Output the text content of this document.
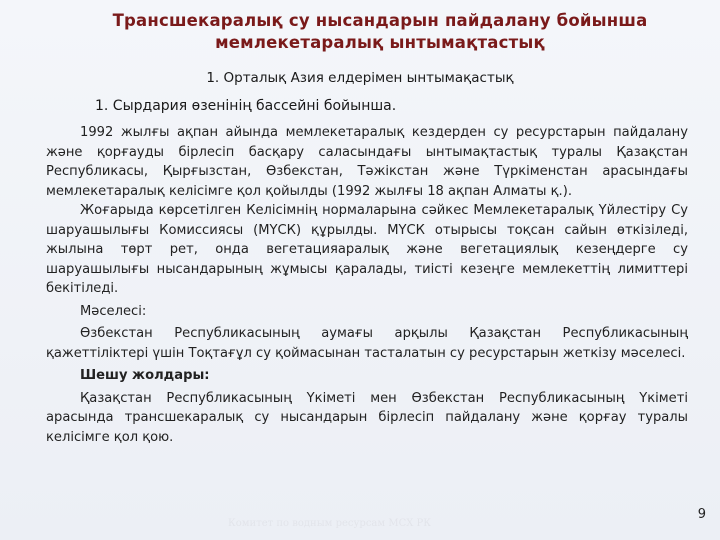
Трансшекаралық су нысандарын пайдалану бойынша
мемлекетаралық ынтымақтастық
1. Орталық Азия елдерімен ынтымақастық
1. Сырдария өзенінің бассейні бойынша.

1992 жылғы ақпан айында мемлекетаралық кездерден су ресурстарын пайдалану және қорғауды бірлесіп басқару саласындағы ынтымақтастық туралы Қазақстан Республикасы, Қырғызстан, Өзбекстан, Тәжікстан және Түркіменстан арасындағы мемлекетаралық келісімге қол қойылды (1992 жылғы 18 ақпан Алматы қ.).

Жоғарыда көрсетілген Келісімнің нормаларына сәйкес Мемлекетаралық Үйлестіру Су шаруашылығы Комиссиясы (МҮСК) құрылды. МҮСК отырысы тоқсан сайын өткізіледі, жылына төрт рет, онда вегетацияаралық және вегетациялық кезеңдерге су шаруашылығы нысандарының жұмысы қаралады, тиісті кезеңге мемлекеттің лимиттері бекітіледі.

Мәселесі:

Өзбекстан Республикасының аумағы арқылы Қазақстан Республикасының қажеттіліктері үшін Тоқтағұл су қоймасынан тасталатын су ресурстарын жеткізу мәселесі.

Шешу жолдары:

Қазақстан Республикасының Үкіметі мен Өзбекстан Республикасының Үкіметі арасында трансшекаралық су нысандарын бірлесіп пайдалану және қорғау туралы келісімге қол қою.

Комитет по водным ресурсам МСХ РК
9
